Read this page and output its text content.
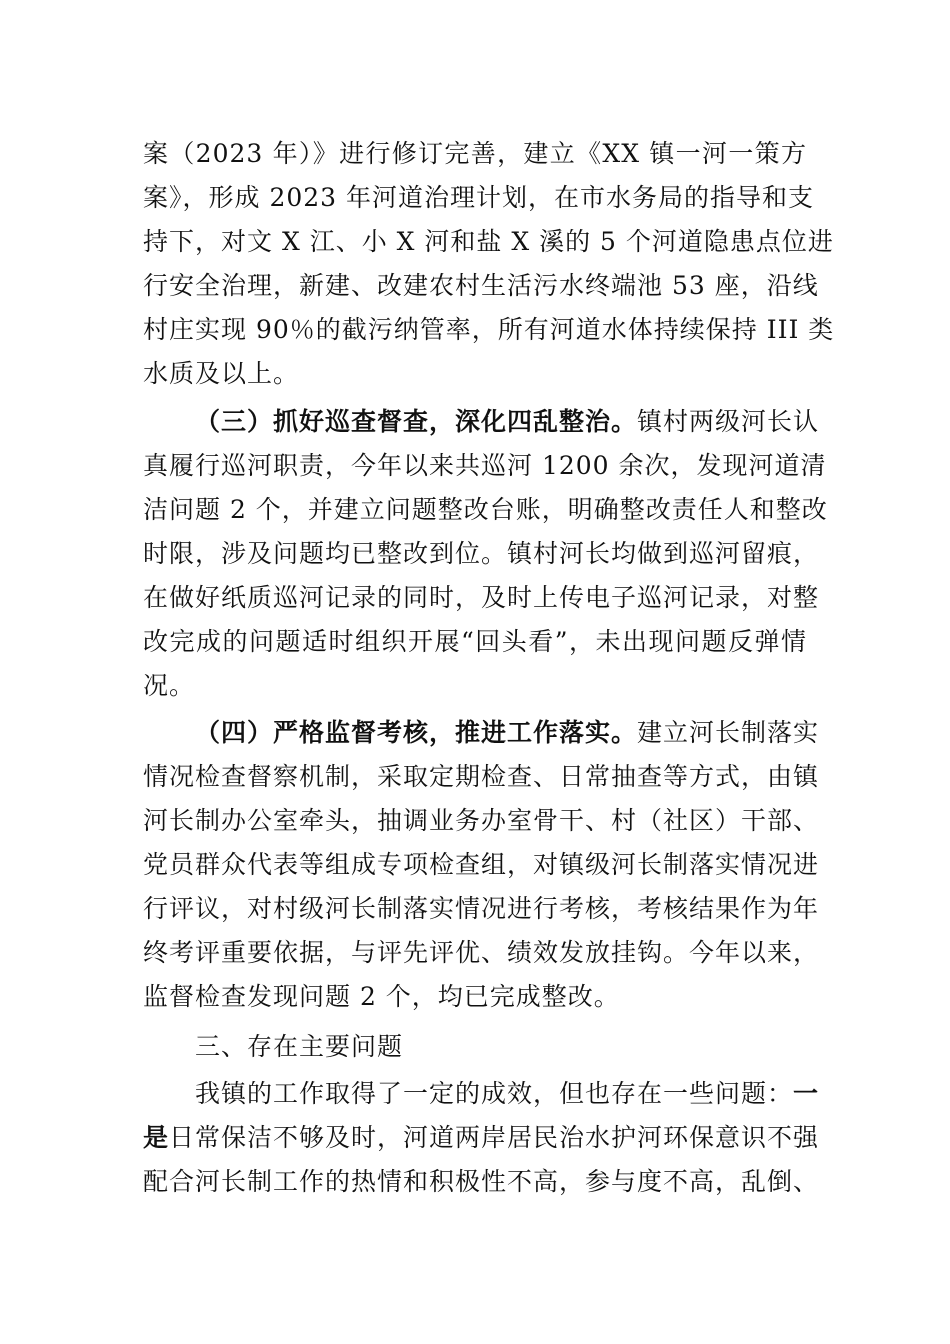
案（2023 年）》进行修订完善，建立《XX 镇一河一策方
案》，形成 2023 年河道治理计划，在市水务局的指导和支
持下，对文 X 江、小 X 河和盐 X 溪的 5 个河道隐患点位进
行安全治理，新建、改建农村生活污水终端池 53 座，沿线
村庄实现 90％的截污纳管率，所有河道水体持续保持 III 类
水质及以上。
（三）抓好巡查督查，深化四乱整治。镇村两级河长认
真履行巡河职责，今年以来共巡河 1200 余次，发现河道清
洁问题 2 个，并建立问题整改台账，明确整改责任人和整改
时限，涉及问题均已整改到位。镇村河长均做到巡河留痕，
在做好纸质巡河记录的同时，及时上传电子巡河记录，对整
改完成的问题适时组织开展“回头看”，未出现问题反弹情
况。
（四）严格监督考核，推进工作落实。建立河长制落实
情况检查督察机制，采取定期检查、日常抽查等方式，由镇
河长制办公室牵头，抽调业务办室骨干、村（社区）干部、
党员群众代表等组成专项检查组，对镇级河长制落实情况进
行评议，对村级河长制落实情况进行考核，考核结果作为年
终考评重要依据，与评先评优、绩效发放挂钩。今年以来，
监督检查发现问题 2 个，均已完成整改。
三、存在主要问题
我镇的工作取得了一定的成效，但也存在一些问题：一
是日常保洁不够及时，河道两岸居民治水护河环保意识不强
配合河长制工作的热情和积极性不高，参与度不高，乱倒、
